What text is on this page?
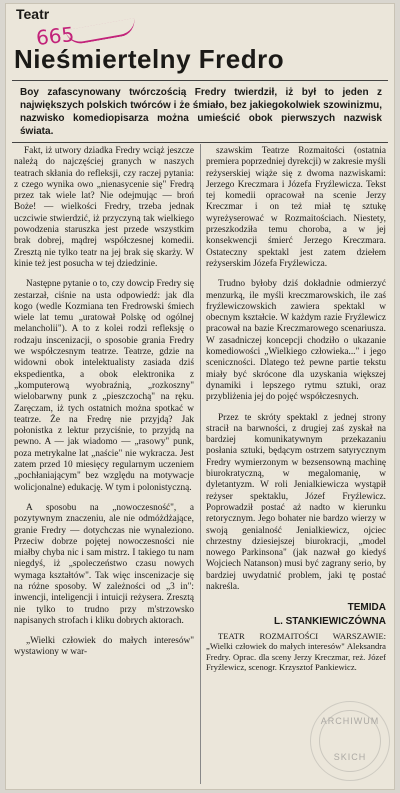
Teatr
665
Nieśmiertelny Fredro
Boy zafascynowany twórczością Fredry twierdził, iż był to jeden z największych polskich twórców i że śmiało, bez jakiegokolwiek szowinizmu, nazwisko komediopisarza można umieścić obok pierwszych nazwisk świata.

Fakt, iż utwory dziadka Fredry wciąż jeszcze należą do najczęściej granych w naszych teatrach skłania do refleksji, czy raczej pytania: z czego wynika owo „nienasycenie się" Fredrą przez tak wiele lat? Nie odejmując — broń Boże! — wielkości Fredry, trzeba jednak uczciwie stwierdzić, iż przyczyną tak wielkiego powodzenia staruszka jest przede wszystkim brak dobrej, mądrej współczesnej komedii. Zresztą nie tylko teatr na jej brak się skarży. W kinie też jest posucha w tej dziedzinie.

Następne pytanie o to, czy dowcip Fredry się zestarzał, ciśnie na usta odpowiedź: jak dla kogo (wedle Kozmiana ten Fredrowski śmiech wiele lat temu „uratował Polskę od ogólnej melancholii"). A to z kolei rodzi refleksję o rodzaju inscenizacji, o sposobie grania Fredry we współczesnym teatrze. Teatrze, gdzie na widowni obok intelektualisty zasiada dziś ekspedientka, a obok elektronika z „komputerową wyobraźnią, „rozkoszny" wielobarwny punk z „pieszczochą" na ręku. Zaręczam, iż tych ostatnich można spotkać w teatrze. Że na Fredrę nie przyjdą? Jak połonistka z lektur przyciśnie, to przyjdą na pewno. A — jak wiadomo — „rasowy" punk, poza metrykalne lat „naście" nie wykracza. Jest zatem przed 10 miesięcy regularnym uczeniem „pochłaniającym" bez względu na motywacje wolicjonalne) edukację. W tym i polonistyczną.

A sposobu na „nowoczesność", a pozytywnym znaczeniu, ale nie odmóżdżające, granie Fredry — dotychczas nie wynaleziono. Przeciw dobrze pojętej nowoczesności nie miałby chyba nic i sam mistrz. I takiego tu nam niegdyś, iż „spoleczeństwo czasu nowych wymaga kształtów". Tak więc inscenizacje się na różne sposoby. W zależności od „3 in": inwencji, inteligencji i intuicji reżysera. Zresztą nie tylko to trudno przy m'strzowsko napisanych strofach i kliku dobrych aktorach.

„Wielki człowiek do małych interesów" wystawiony w war-

szawskim Teatrze Rozmaitości (ostatnia premiera poprzedniej dyrekcji) w zakresie myśli reżyserskiej wiąże się z dwoma nazwiskami: Jerzego Kreczmara i Józefa Fryźlewicza. Tekst tej komedii opracował na scenie Jerzy Kreczmar i on też miał tę sztukę wyreżyserować w Rozmaitościach. Niestety, przeszkodziła temu choroba, a w jej konsekwencji śmierć Jerzego Kreczmara. Ostateczny spektakl jest zatem dziełem reżyserskim Józefa Fryźlewicza.

Trudno byłoby dziś dokładnie odmierzyć menzurką, ile myśli kreczmarowskich, ile zaś fryźlewiczowskich zawiera spektakl w obecnym kształcie. W każdym razie Fryźlewicz pracował na bazie Kreczmarowego scenariusza. W zasadniczej koncepcji chodziło o ukazanie komediowości „Wielkiego człowieka..." i jego sceniczności. Dlatego też pewne partie tekstu miały być skrócone dla uzyskania większej dynamiki i lepszego rytmu sztuki, oraz przybliżenia jej do pojęć współczesnych.

Przez te skróty spektakl z jednej strony stracił na barwności, z drugiej zaś zyskał na bardziej komunikatywnym przekazaniu posłania sztuki, będącym ostrzem satyrycznym Fredry wymierzonym w bezsensowną machinę biurokratyczną, w megalomanię, w dyletantyzm. W roli Jenialkiewicza wystąpił reżyser spektaklu, Józef Fryźlewicz. Poprowadził postać aż nadto w kierunku retorycznym. Jego bohater nie bardzo wierzy w swoją genialność Jenialkiewicz, ojciec chrzestny dziesiejszej biurokracji, „model nowego Parkinsona" (jak nazwał go kiedyś Wojciech Natanson) musi być zagrany serio, by bardziej uwydatnić problem, jaki tę postać nakreśla.

TEMIDA
L. STANKIEWICZÓWNA

TEATR ROZMAITOŚCI WARSZAWIE: „Wielki człowiek do małych interesów" Aleksandra Fredry. Oprac. dla sceny Jerzy Kreczmar, reż. Józef Fryźlewicz, scenogr. Krzysztof Pankiewicz.

ARCHIWUM
SKICH
